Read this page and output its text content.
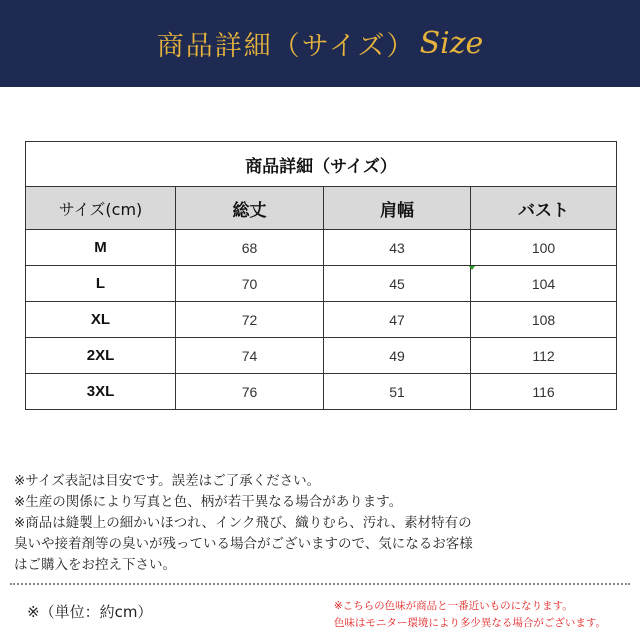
商品詳細（サイズ） Size
商品詳細（サイズ）			
サイズ(cm)	総丈	肩幅	バスト
M	68	43	100
L	70	45	104
XL	72	47	108
2XL	74	49	112
3XL	76	51	116

※サイズ表記は目安です。誤差はご了承ください。

※生産の関係により写真と色、柄が若干異なる場合があります。

※商品は縫製上の細かいほつれ、インク飛び、織りむら、汚れ、素材特有の

臭いや接着剤等の臭いが残っている場合がございますので、気になるお客様

はご購入をお控え下さい。

※（単位：約cm）	※こちらの色味が商品と一番近いものになります。
色味はモニター環境により多少異なる場合がございます。
